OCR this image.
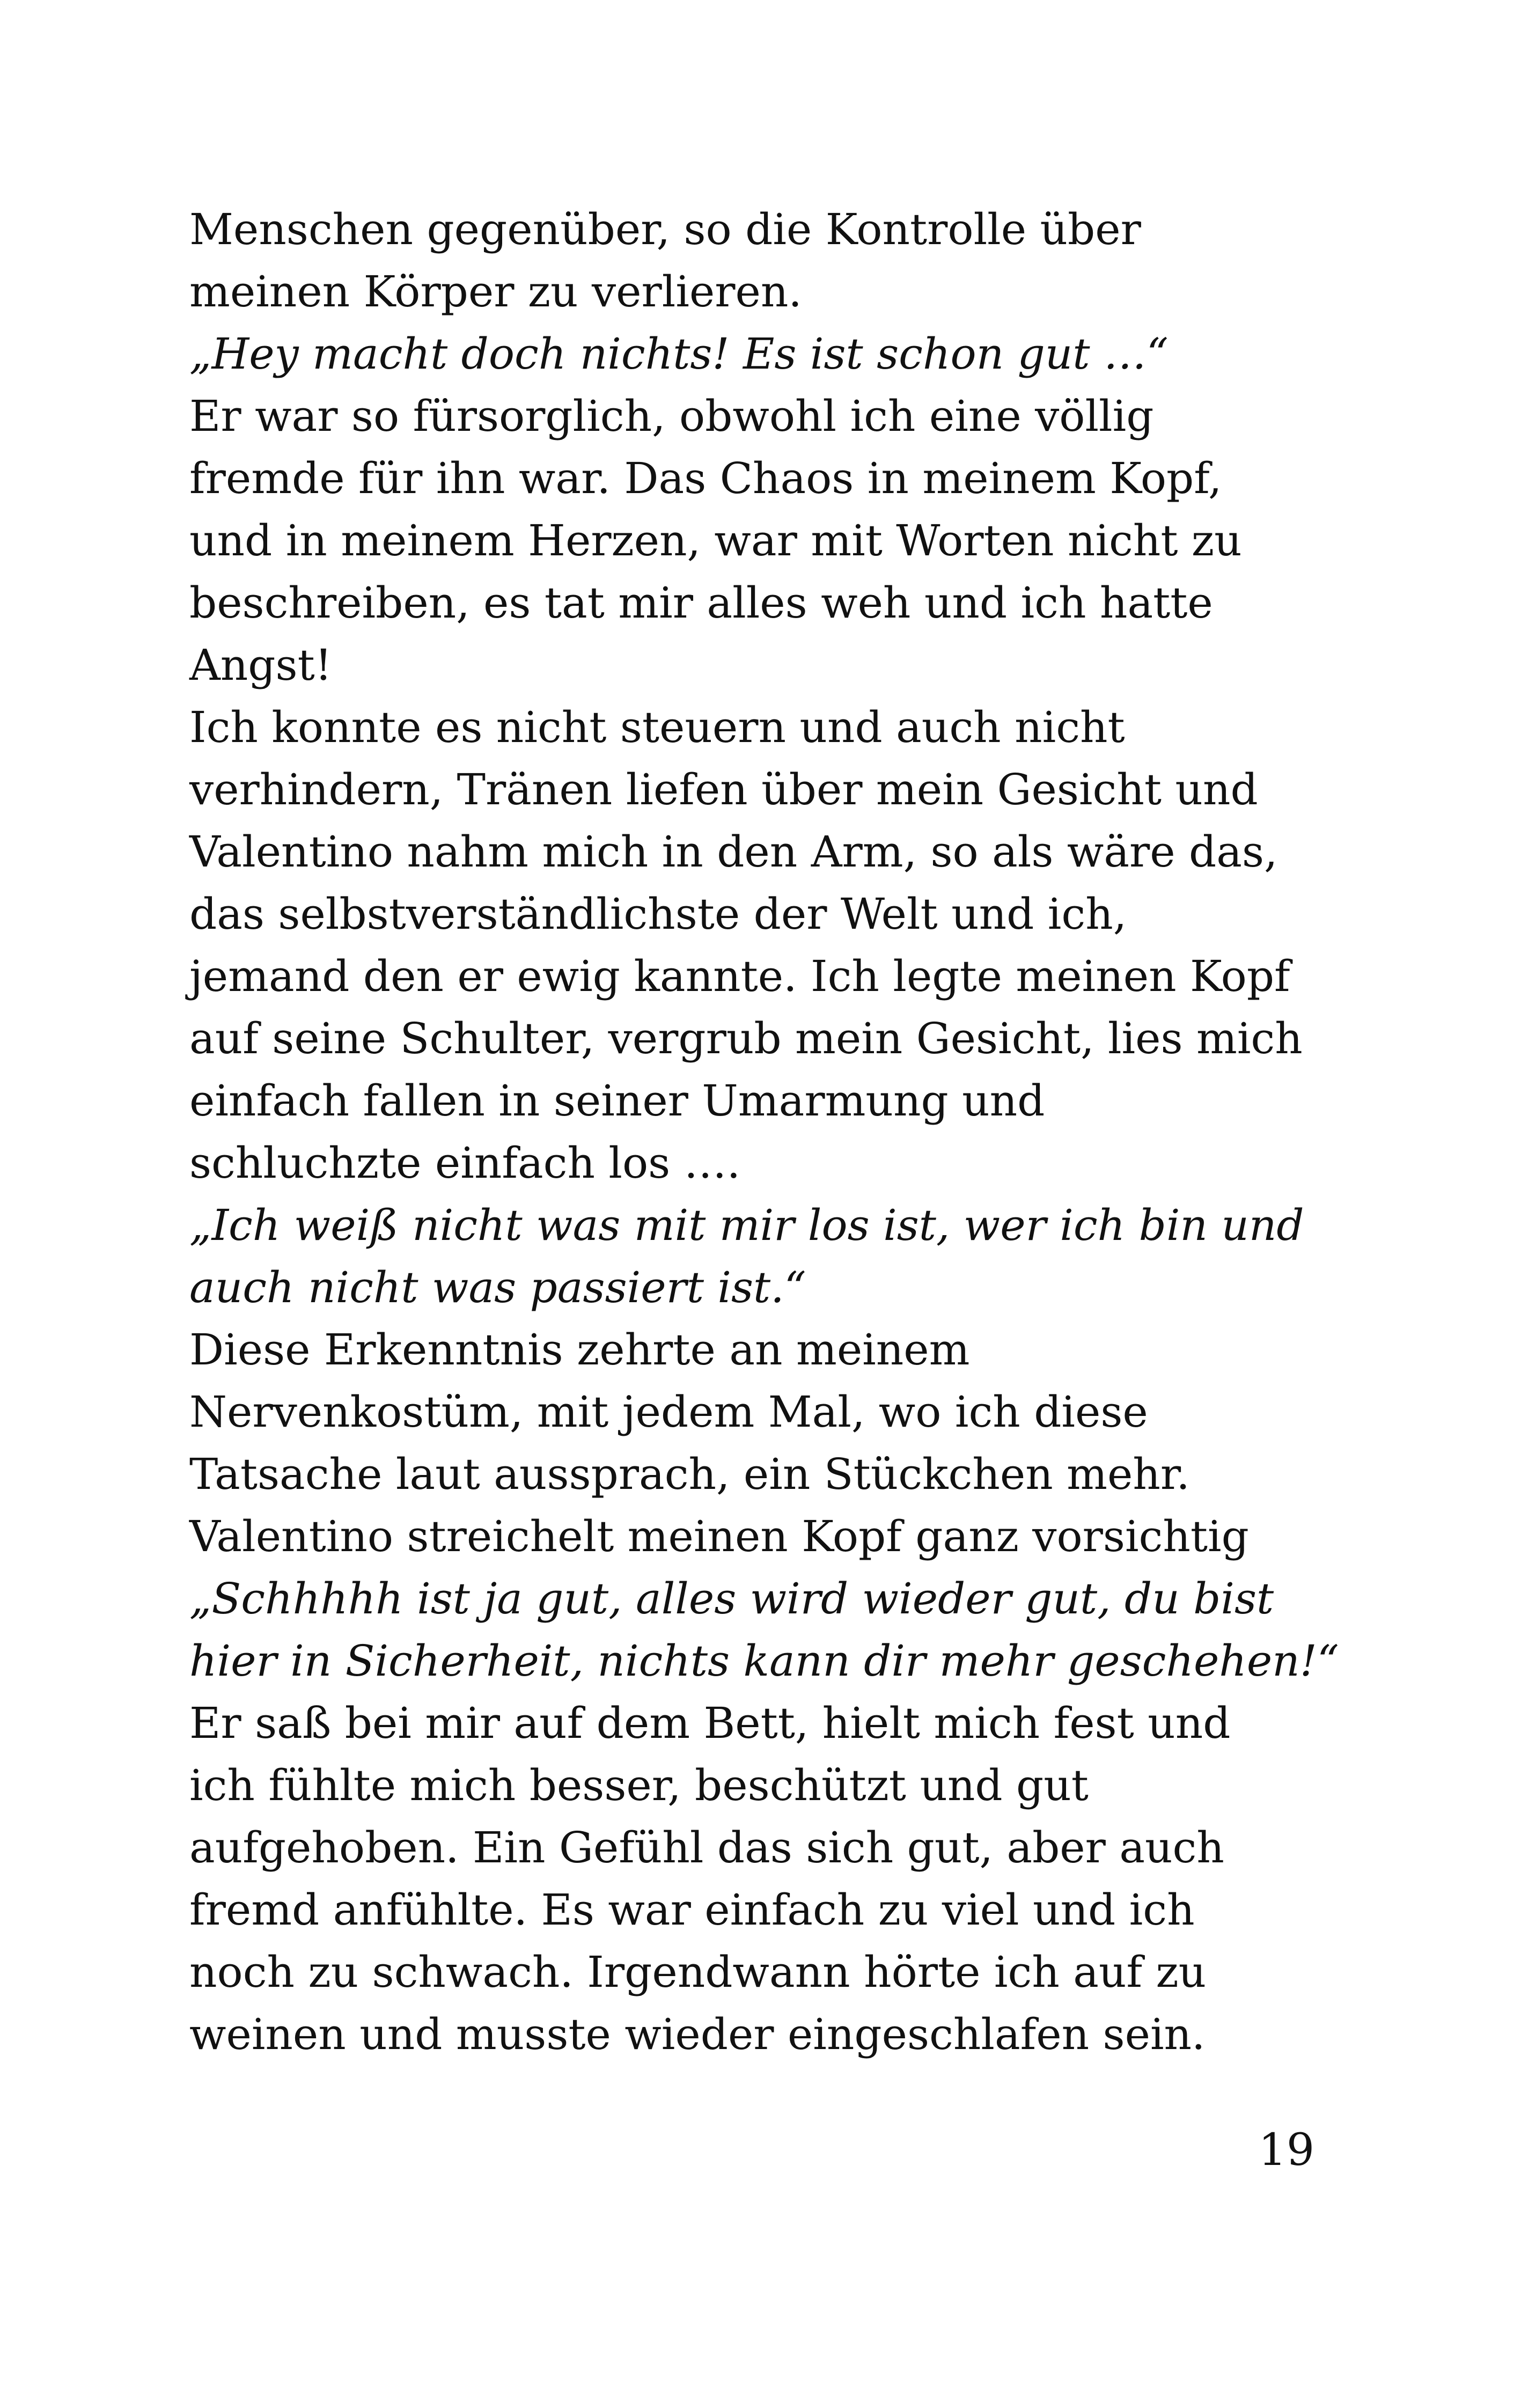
Menschen gegenüber, so die Kontrolle über
meinen Körper zu verlieren.
„Hey macht doch nichts! Es ist schon gut …“
Er war so fürsorglich, obwohl ich eine völlig
fremde für ihn war. Das Chaos in meinem Kopf,
und in meinem Herzen, war mit Worten nicht zu
beschreiben, es tat mir alles weh und ich hatte
Angst!
Ich konnte es nicht steuern und auch nicht
verhindern, Tränen liefen über mein Gesicht und
Valentino nahm mich in den Arm, so als wäre das,
das selbstverständlichste der Welt und ich,
jemand den er ewig kannte. Ich legte meinen Kopf
auf seine Schulter, vergrub mein Gesicht, lies mich
einfach fallen in seiner Umarmung und
schluchzte einfach los ….
„Ich weiß nicht was mit mir los ist, wer ich bin und
auch nicht was passiert ist.“
Diese Erkenntnis zehrte an meinem
Nervenkostüm, mit jedem Mal, wo ich diese
Tatsache laut aussprach, ein Stückchen mehr.
Valentino streichelt meinen Kopf ganz vorsichtig
„Schhhhh ist ja gut, alles wird wieder gut, du bist
hier in Sicherheit, nichts kann dir mehr geschehen!“
Er saß bei mir auf dem Bett, hielt mich fest und
ich fühlte mich besser, beschützt und gut
aufgehoben. Ein Gefühl das sich gut, aber auch
fremd anfühlte. Es war einfach zu viel und ich
noch zu schwach. Irgendwann hörte ich auf zu
weinen und musste wieder eingeschlafen sein.
19
